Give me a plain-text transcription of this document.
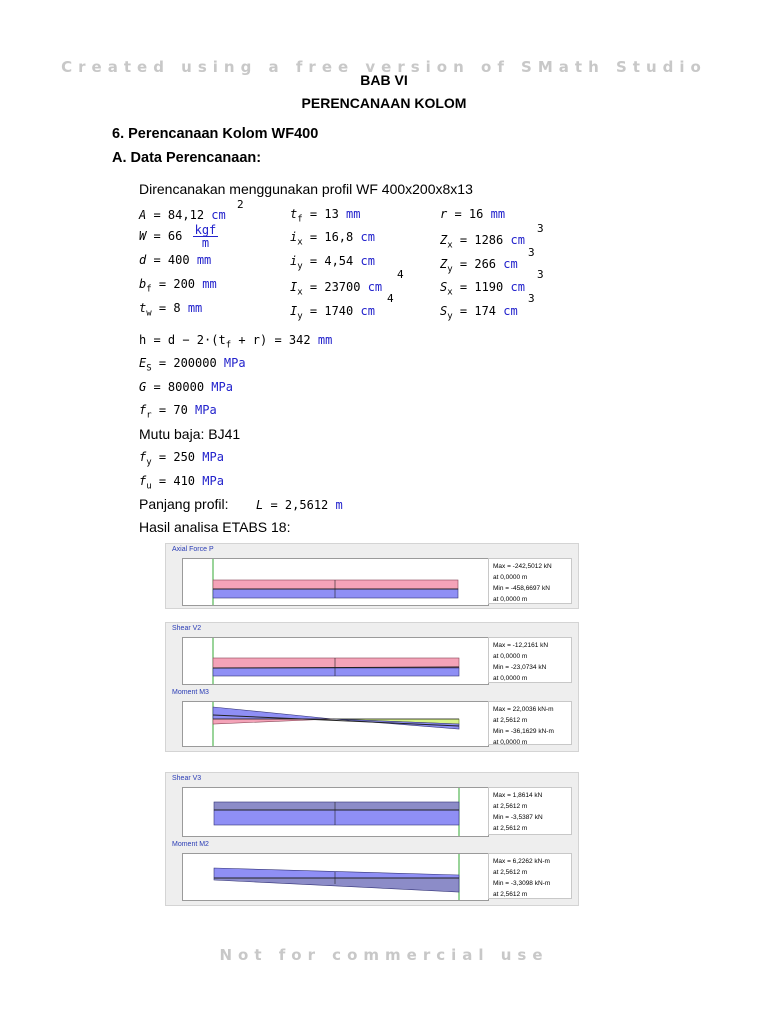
Created using a free version of SMath Studio
Not for commercial use
BAB VI
PERENCANAAN KOLOM
6. Perencanaan Kolom WF400
A. Data Perencanaan:
Direncanakan menggunakan profil WF 400x200x8x13
A = 84,12 cm
2
$W = 66 \frac{\text{kgf}}{m}$
d = 400 mm
$b_f = 200$ mm
$t_w = 8$ mm
$t_f = 13$ mm
$i_x = 16,8$ cm
$i_y = 4,54$ cm
$I_x = 23700$ cm
4
$I_y = 1740$ cm
4
r = 16 mm
$Z_x = 1286$ cm
3
$Z_y = 266$ cm
3
$S_x = 1190$ cm
3
$S_y = 174$ cm
3
$h = d - 2\cdot(t_f + r) = 342$ mm
$E_S = 200000$ MPa
G = 80000 MPa
$f_r = 70$ MPa
Mutu baja: BJ41
$f_y = 250$ MPa
$f_u = 410$ MPa
Panjang profil: L = 2,5612 m
Hasil analisa ETABS 18:
Axial Force P
Max = -242,5012 kN
at 0,0000 m
Min = -458,6697 kN
at 0,0000 m
Shear V2
Max = -12,2161 kN
at 0,0000 m
Min = -23,0734 kN
at 0,0000 m
Moment M3
Max = 22,0036 kN-m
at 2,5612 m
Min = -36,1629 kN-m
at 0,0000 m
Shear V3
Max = 1,8614 kN
at 2,5612 m
Min = -3,5387 kN
at 2,5612 m
Moment M2
Max = 6,2262 kN-m
at 2,5612 m
Min = -3,3098 kN-m
at 2,5612 m
